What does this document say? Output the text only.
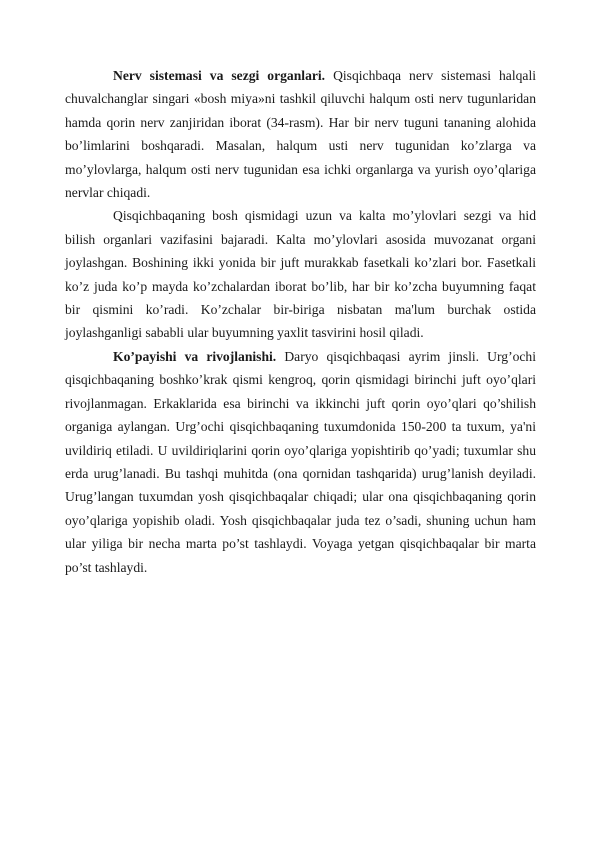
Nerv sistemasi va sezgi organlari. Qisqichbaqa nerv sistemasi halqali chuvalchanglar singari «bosh miya»ni tashkil qiluvchi halqum osti nerv tugunlaridan hamda qorin nerv zanjiridan iborat (34-rasm). Har bir nerv tuguni tananing alohida bo’limlarini boshqaradi. Masalan, halqum usti nerv tugunidan ko’zlarga va mo’ylovlarga, halqum osti nerv tugunidan esa ichki organlarga va yurish oyo’qlariga nervlar chiqadi.

Qisqichbaqaning bosh qismidagi uzun va kalta mo’ylovlari sezgi va hid bilish organlari vazifasini bajaradi. Kalta mo’ylovlari asosida muvozanat organi joylashgan. Boshining ikki yonida bir juft murakkab fasetkali ko’zlari bor. Fasetkali ko’z juda ko’p mayda ko’zchalardan iborat bo’lib, har bir ko’zcha buyumning faqat bir qismini ko’radi. Ko’zchalar bir-biriga nisbatan ma'lum burchak ostida joylashganligi sababli ular buyumning yaxlit tasvirini hosil qiladi.

Ko’payishi va rivojlanishi. Daryo qisqichbaqasi ayrim jinsli. Urg’ochi qisqichbaqaning boshko’krak qismi kengroq, qorin qismidagi birinchi juft oyo’qlari rivojlanmagan. Erkaklarida esa birinchi va ikkinchi juft qorin oyo’qlari qo’shilish organiga aylangan. Urg’ochi qisqichbaqaning tuxumdonida 150-200 ta tuxum, ya'ni uvildiriq etiladi. U uvildiriqlarini qorin oyo’qlariga yopishtirib qo’yadi; tuxumlar shu erda urug’lanadi. Bu tashqi muhitda (ona qornidan tashqarida) urug’lanish deyiladi. Urug’langan tuxumdan yosh qisqichbaqalar chiqadi; ular ona qisqichbaqaning qorin oyo’qlariga yopishib oladi. Yosh qisqichbaqalar juda tez o’sadi, shuning uchun ham ular yiliga bir necha marta po’st tashlaydi. Voyaga yetgan qisqichbaqalar bir marta po’st tashlaydi.
